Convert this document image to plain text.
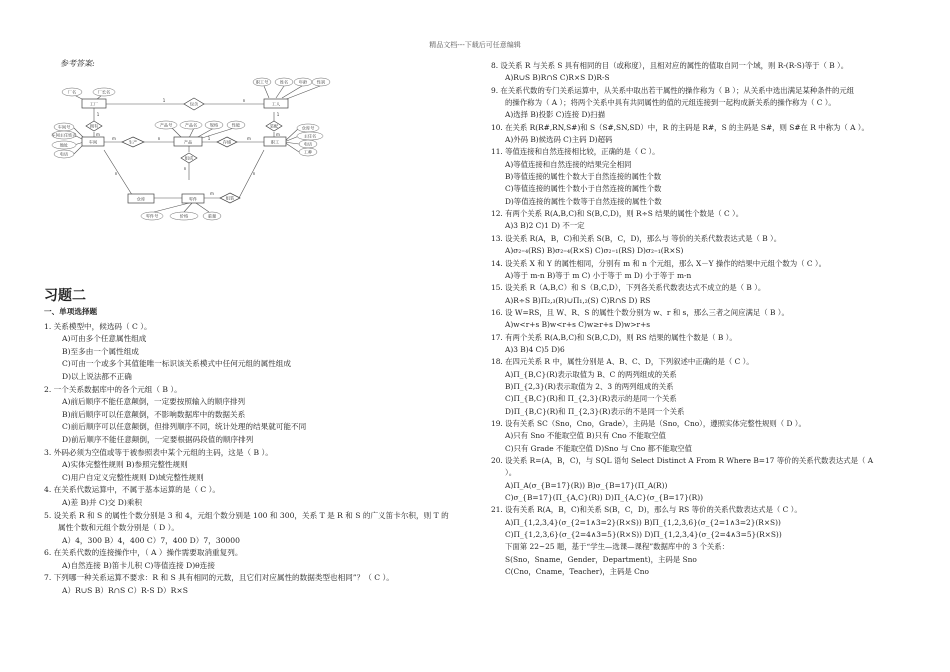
精品文档---下载后可任意编辑
参考答案:
工厂
车间	产品
工人
职工
零件
仓库
拥有
包含
生产	存储
组成
装配
组装
厂名	厂长名
车间号
车间主任姓名
地址
电话
产品号	产品名	规格	性能
职工号	姓名	年龄 性别
仓库号
主任名
电话
工种
零件号	价格	重量
1
m
1	n
m	n	1	m
n
1
m
n
m
n
习题二
一、单项选择题
1. 关系模型中，候选码（ C ）。
A)可由多个任意属性组成
B)至多由一个属性组成
C)可由一个或多个其值能唯一标识该关系模式中任何元组的属性组成
D)以上说法都不正确
2. 一个关系数据库中的各个元组（ B ）。
A)前后顺序不能任意颠倒，一定要按照输入的顺序排列
B)前后顺序可以任意颠倒，不影响数据库中的数据关系
C)前后顺序可以任意颠倒，但排列顺序不同，统计处理的结果就可能不同
D)前后顺序不能任意颠倒，一定要根据码段值的顺序排列
3. 外码必须为空值或等于被参照表中某个元组的主码，这是（ B ）。
A)实体完整性规则 B)参照完整性规则
C)用户自定义完整性规则 D)域完整性规则
4. 在关系代数运算中，不属于基本运算的是（ C ）。
A)差 B)并 C)交 D)乘积
5. 设关系 R 和 S 的属性个数分别是 3 和 4，元组个数分别是 100 和 300，关系 T 是 R 和 S 的广义笛卡尔积，则 T 的
属性个数和元组个数分别是（ D ）。
A）4，300 B）4，400 C）7，400 D）7，30000
6. 在关系代数的连接操作中，（ A ）操作需要取消重复列。
A)自然连接 B)笛卡儿积 C)等值连接 D)θ连接
7. 下列哪一种关系运算不要求：R 和 S 具有相同的元数，且它们对应属性的数据类型也相同”？（ C ）。
A）R∪S B）R∩S C）R-S D）R×S
8. 设关系 R 与关系 S 具有相同的目（或称度），且相对应的属性的值取自同一个域，则 R-(R-S)等于（ B ）。
A)R∪S B)R∩S C)R×S D)R-S
9. 在关系代数的专门关系运算中，从关系中取出若干属性的操作称为（ B ）；从关系中选出满足某种条件的元组
的操作称为（ A ）；将两个关系中具有共同属性的值的元组连接到一起构成新关系的操作称为（ C ）。
A)选择 B)投影 C)连接 D)扫描
10. 在关系 R(R#,RN,S#)和 S（S#,SN,SD）中，R 的主码是 R#，S 的主码是 S#，则 S#在 R 中称为（ A ）。
A)外码 B)候选码 C)主码 D)超码
11. 等值连接和自然连接相比较，正确的是（ C ）。
A)等值连接和自然连接的结果完全相同
B)等值连接的属性个数大于自然连接的属性个数
C)等值连接的属性个数小于自然连接的属性个数
D)等值连接的属性个数等于自然连接的属性个数
12. 有两个关系 R(A,B,C)和 S(B,C,D)，则 R÷S 结果的属性个数是（ C ）。
A)3 B)2 C)1 D) 不一定
13. 设关系 R(A，B，C)和关系 S(B，C，D)，那么与 等价的关系代数表达式是（ B ）。
A)σ₂₌₄(RS) B)σ₂₌₄(R×S) C)σ₂₌₁(RS) D)σ₂₌₁(R×S)
14. 设关系 X 和 Y 的属性相同，分别有 m 和 n 个元组，那么 X－Y 操作的结果中元组个数为（ C ）。
A)等于 m-n B)等于 m C) 小于等于 m D) 小于等于 m-n
15. 设关系 R（A,B,C）和 S（B,C,D），下列各关系代数表达式不成立的是（ B ）。
A)R÷S B)Π₂,₃(R)∪Π₁,₂(S) C)R∩S D) RS
16. 设 W=RS，且 W、R、S 的属性个数分别为 w、r 和 s，那么三者之间应满足（ B ）。
A)w<r+s B)w<r+s C)w≥r+s D)w>r+s
17. 有两个关系 R(A,B,C)和 S(B,C,D)，则 RS 结果的属性个数是（ B ）。
A)3 B)4 C)5 D)6
18. 在四元关系 R 中，属性分别是 A、B、C、D，下列叙述中正确的是（ C ）。
A)Π_{B,C}(R)表示取值为 B、C 的两列组成的关系
B)Π_{2,3}(R)表示取值为 2、3 的两列组成的关系
C)Π_{B,C}(R)和 Π_{2,3}(R)表示的是同一个关系
D)Π_{B,C}(R)和 Π_{2,3}(R)表示的不是同一个关系
19. 设有关系 SC（Sno，Cno，Grade），主码是（Sno，Cno），遵照实体完整性规则（ D ）。
A)只有 Sno 不能取空值 B)只有 Cno 不能取空值
C)只有 Grade 不能取空值 D)Sno 与 Cno 都不能取空值
20. 设关系 R=(A，B，C)，与 SQL 语句 Select Distinct A From R Where B=17 等价的关系代数表达式是（ A
）。
A)Π_A(σ_{B=17}(R)) B)σ_{B=17}(Π_A(R))
C)σ_{B=17}(Π_{A,C}(R)) D)Π_{A,C}(σ_{B=17}(R))
21. 设有关系 R(A，B，C)和关系 S(B，C，D)，那么与 RS 等价的关系代数表达式是（ C ）。
A)Π_{1,2,3,4}(σ_{2=1∧3=2}(R×S)) B)Π_{1,2,3,6}(σ_{2=1∧3=2}(R×S))
C)Π_{1,2,3,6}(σ_{2=4∧3=5}(R×S)) D)Π_{1,2,3,4}(σ_{2=4∧3=5}(R×S))
下面第 22~25 题，基于“学生—选课—课程”数据库中的 3 个关系：
S(Sno，Sname，Gender，Department)，主码是 Sno
C(Cno，Cname，Teacher)，主码是 Cno
